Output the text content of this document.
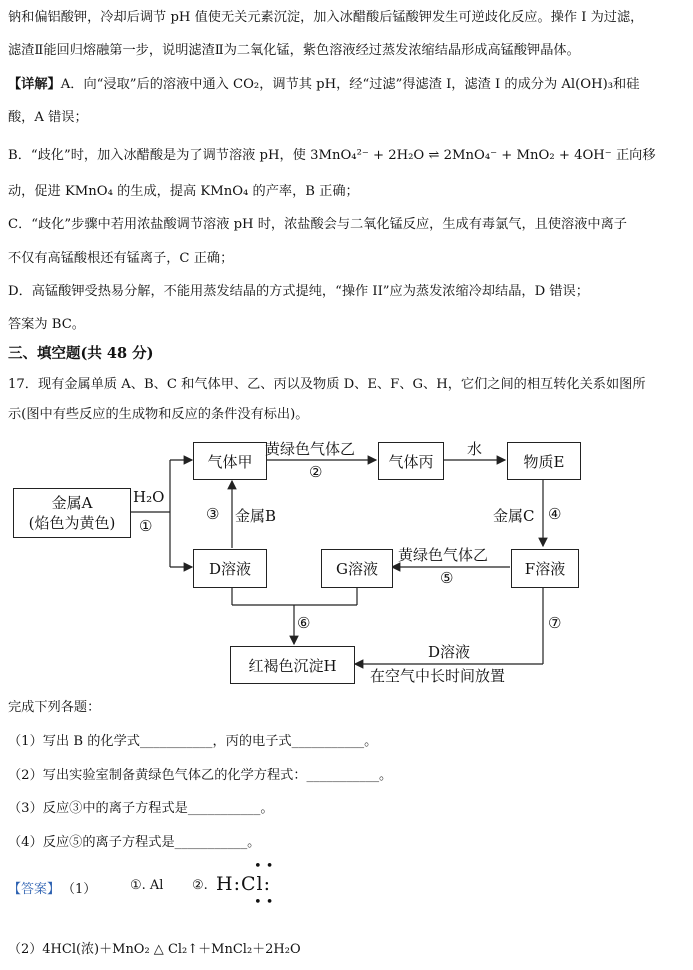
钠和偏铝酸钾，冷却后调节 pH 值使无关元素沉淀，加入冰醋酸后锰酸钾发生可逆歧化反应。操作 I 为过滤，
滤渣Ⅱ能回归熔融第一步，说明滤渣Ⅱ为二氧化锰，紫色溶液经过蒸发浓缩结晶形成高锰酸钾晶体。
【详解】A．向“浸取”后的溶液中通入 CO₂，调节其 pH，经“过滤”得滤渣 I，滤渣 I 的成分为 Al(OH)₃和硅
酸，A 错误；
B．“歧化”时，加入冰醋酸是为了调节溶液 pH，使 3MnO₄²⁻ + 2H₂O ⇌ 2MnO₄⁻ + MnO₂ + 4OH⁻ 正向移
动，促进 KMnO₄ 的生成，提高 KMnO₄ 的产率，B 正确；
C．“歧化”步骤中若用浓盐酸调节溶液 pH 时，浓盐酸会与二氧化锰反应，生成有毒氯气，且使溶液中离子
不仅有高锰酸根还有锰离子，C 正确；
D．高锰酸钾受热易分解，不能用蒸发结晶的方式提纯，“操作 II”应为蒸发浓缩冷却结晶，D 错误；
答案为 BC。
三、填空题(共 48 分)
17．现有金属单质 A、B、C 和气体甲、乙、丙以及物质 D、E、F、G、H，它们之间的相互转化关系如图所
示(图中有些反应的生成物和反应的条件没有标出)。
金属A
(焰色为黄色)
H₂O
①
气体甲
黄绿色气体乙
②
气体丙
水
物质E
③ 金属B	金属C ④
D溶液	G溶液
黄绿色气体乙
⑤	F溶液
⑥	⑦
红褐色沉淀H
D溶液
在空气中长时间放置
完成下列各题：
（1）写出 B 的化学式___________，丙的电子式___________。
（2）写出实验室制备黄绿色气体乙的化学方程式：___________。
（3）反应③中的离子方程式是___________。
（4）反应⑤的离子方程式是___________。
【答案】 （1）	①. Al ②. H:Cl:
• •
• •
（2）4HCl(浓)＋MnO₂ △ Cl₂↑＋MnCl₂＋2H₂O
